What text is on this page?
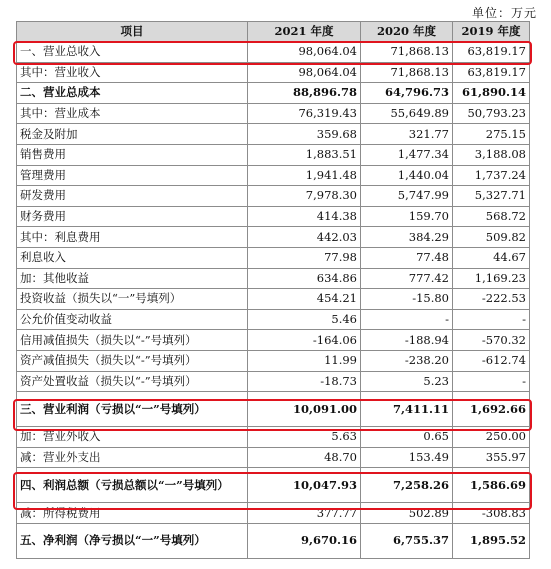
单位：万元
项目	2021 年度	2020 年度	2019 年度
一、营业总收入	98,064.04	71,868.13	63,819.17
其中：营业收入	98,064.04	71,868.13	63,819.17
二、营业总成本	88,896.78	64,796.73	61,890.14
其中：营业成本	76,319.43	55,649.89	50,793.23
税金及附加	359.68	321.77	275.15
销售费用	1,883.51	1,477.34	3,188.08
管理费用	1,941.48	1,440.04	1,737.24
研发费用	7,978.30	5,747.99	5,327.71
财务费用	414.38	159.70	568.72
其中：利息费用	442.03	384.29	509.82
利息收入	77.98	77.48	44.67
加：其他收益	634.86	777.42	1,169.23
投资收益（损失以“一”号填列）	454.21	-15.80	-222.53
公允价值变动收益	5.46	-	-
信用减值损失（损失以“-”号填列）	-164.06	-188.94	-570.32
资产减值损失（损失以“-”号填列）	11.99	-238.20	-612.74
资产处置收益（损失以“-”号填列）	-18.73	5.23	-
三、营业利润（亏损以“一”号填列）	10,091.00	7,411.11	1,692.66
加：营业外收入	5.63	0.65	250.00
减：营业外支出	48.70	153.49	355.97
四、利润总额（亏损总额以“一”号填列）	10,047.93	7,258.26	1,586.69
减：所得税费用	377.77	502.89	-308.83
五、净利润（净亏损以“一”号填列）	9,670.16	6,755.37	1,895.52
